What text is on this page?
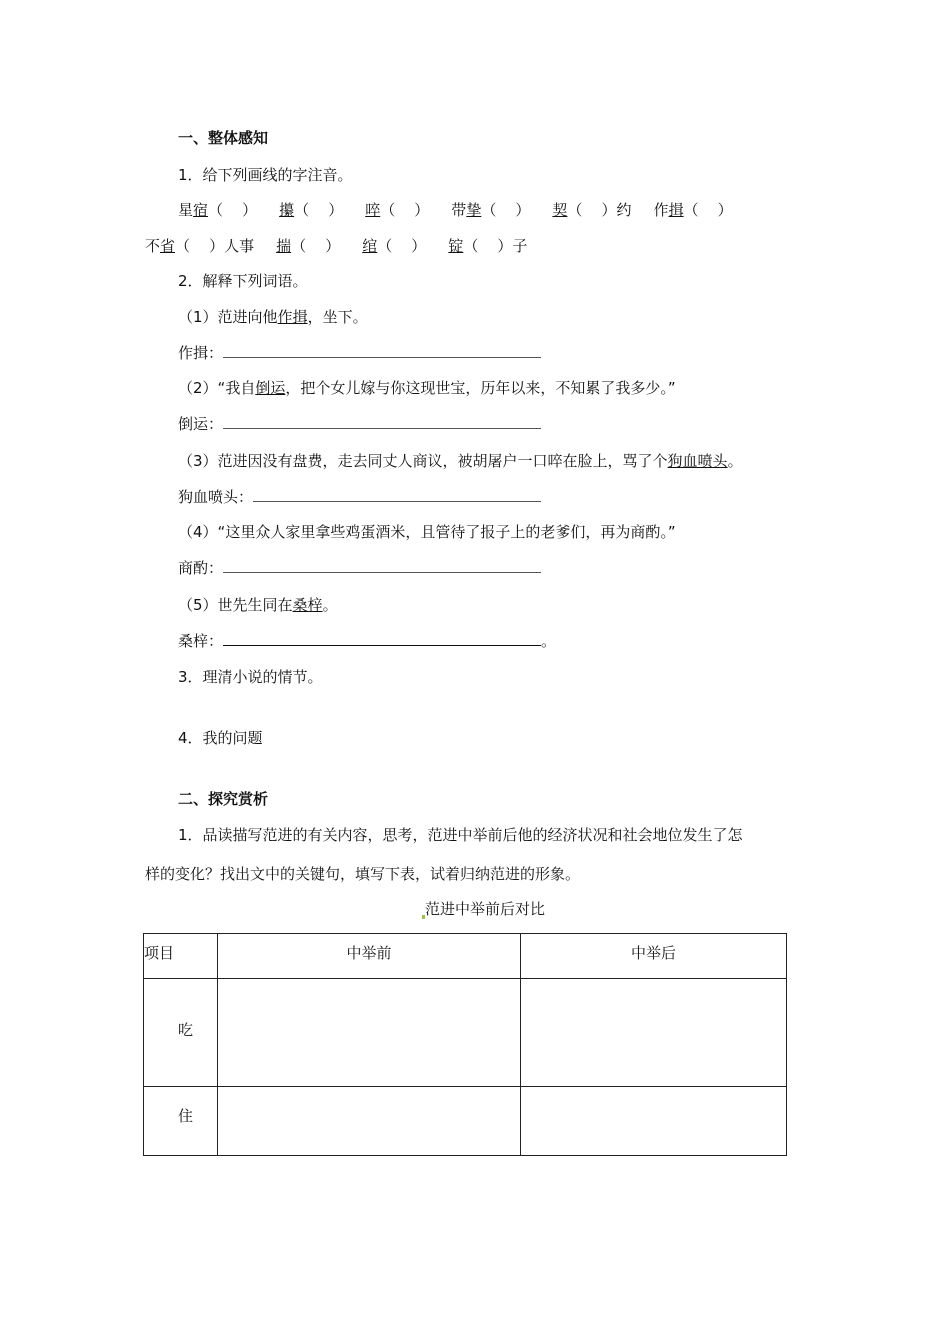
一、整体感知
1．给下列画线的字注音。
星宿（    ） 攥（    ） 啐（    ） 带挚（    ） 契（    ）约 作揖（    ）
不省（    ）人事 揣（    ） 绾（    ） 锭（    ）子
2．解释下列词语。
（1）范进向他作揖，坐下。
作揖：
（2）“我自倒运，把个女儿嫁与你这现世宝，历年以来，不知累了我多少。”
倒运：
（3）范进因没有盘费，走去同丈人商议，被胡屠户一口啐在脸上，骂了个狗血喷头。
狗血喷头：
（4）“这里众人家里拿些鸡蛋酒米，且管待了报子上的老爹们，再为商酌。”
商酌：
（5）世先生同在桑梓。
桑梓：	。
3．理清小说的情节。
4．我的问题
二、探究赏析
1．品读描写范进的有关内容，思考，范进中举前后他的经济状况和社会地位发生了怎
样的变化？找出文中的关键句，填写下表，试着归纳范进的形象。
范进中举前后对比
项目	中举前	中举后
吃		
住		
